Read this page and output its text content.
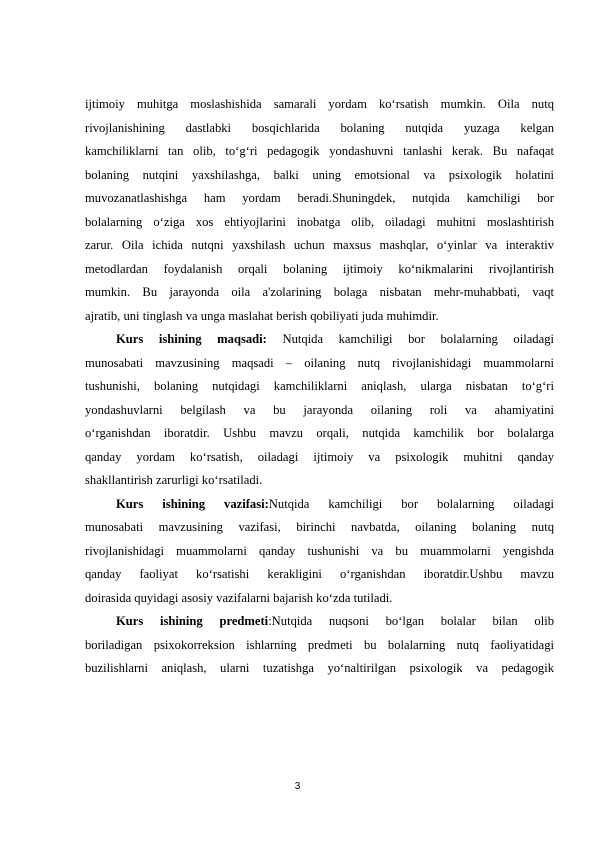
ijtimoiy muhitga moslashishida samarali yordam ko‘rsatish mumkin. Oila nutq
rivojlanishining dastlabki bosqichlarida bolaning nutqida yuzaga kelgan
kamchiliklarni tan olib, to‘g‘ri pedagogik yondashuvni tanlashi kerak. Bu nafaqat
bolaning nutqini yaxshilashga, balki uning emotsional va psixologik holatini
muvozanatlashishga ham yordam beradi.Shuningdek, nutqida kamchiligi bor
bolalarning o‘ziga xos ehtiyojlarini inobatga olib, oiladagi muhitni moslashtirish
zarur. Oila ichida nutqni yaxshilash uchun maxsus mashqlar, o‘yinlar va interaktiv
metodlardan foydalanish orqali bolaning ijtimoiy ko‘nikmalarini rivojlantirish
mumkin. Bu jarayonda oila a'zolarining bolaga nisbatan mehr-muhabbati, vaqt
ajratib, uni tinglash va unga maslahat berish qobiliyati juda muhimdir.
Kurs ishining maqsadi: Nutqida kamchiligi bor bolalarning oiladagi
munosabati mavzusining maqsadi – oilaning nutq rivojlanishidagi muammolarni
tushunishi, bolaning nutqidagi kamchiliklarni aniqlash, ularga nisbatan to‘g‘ri
yondashuvlarni belgilash va bu jarayonda oilaning roli va ahamiyatini
o‘rganishdan iboratdir. Ushbu mavzu orqali, nutqida kamchilik bor bolalarga
qanday yordam ko‘rsatish, oiladagi ijtimoiy va psixologik muhitni qanday
shakllantirish zarurligi ko‘rsatiladi.
Kurs ishining vazifasi:Nutqida kamchiligi bor bolalarning oiladagi
munosabati mavzusining vazifasi, birinchi navbatda, oilaning bolaning nutq
rivojlanishidagi muammolarni qanday tushunishi va bu muammolarni yengishda
qanday faoliyat ko‘rsatishi kerakligini o‘rganishdan iboratdir.Ushbu mavzu
doirasida quyidagi asosiy vazifalarni bajarish ko‘zda tutiladi.
Kurs ishining predmeti:Nutqida nuqsoni bo‘lgan bolalar bilan olib
boriladigan psixokorreksion ishlarning predmeti bu bolalarning nutq faoliyatidagi
buzilishlarni aniqlash, ularni tuzatishga yo‘naltirilgan psixologik va pedagogik
3
